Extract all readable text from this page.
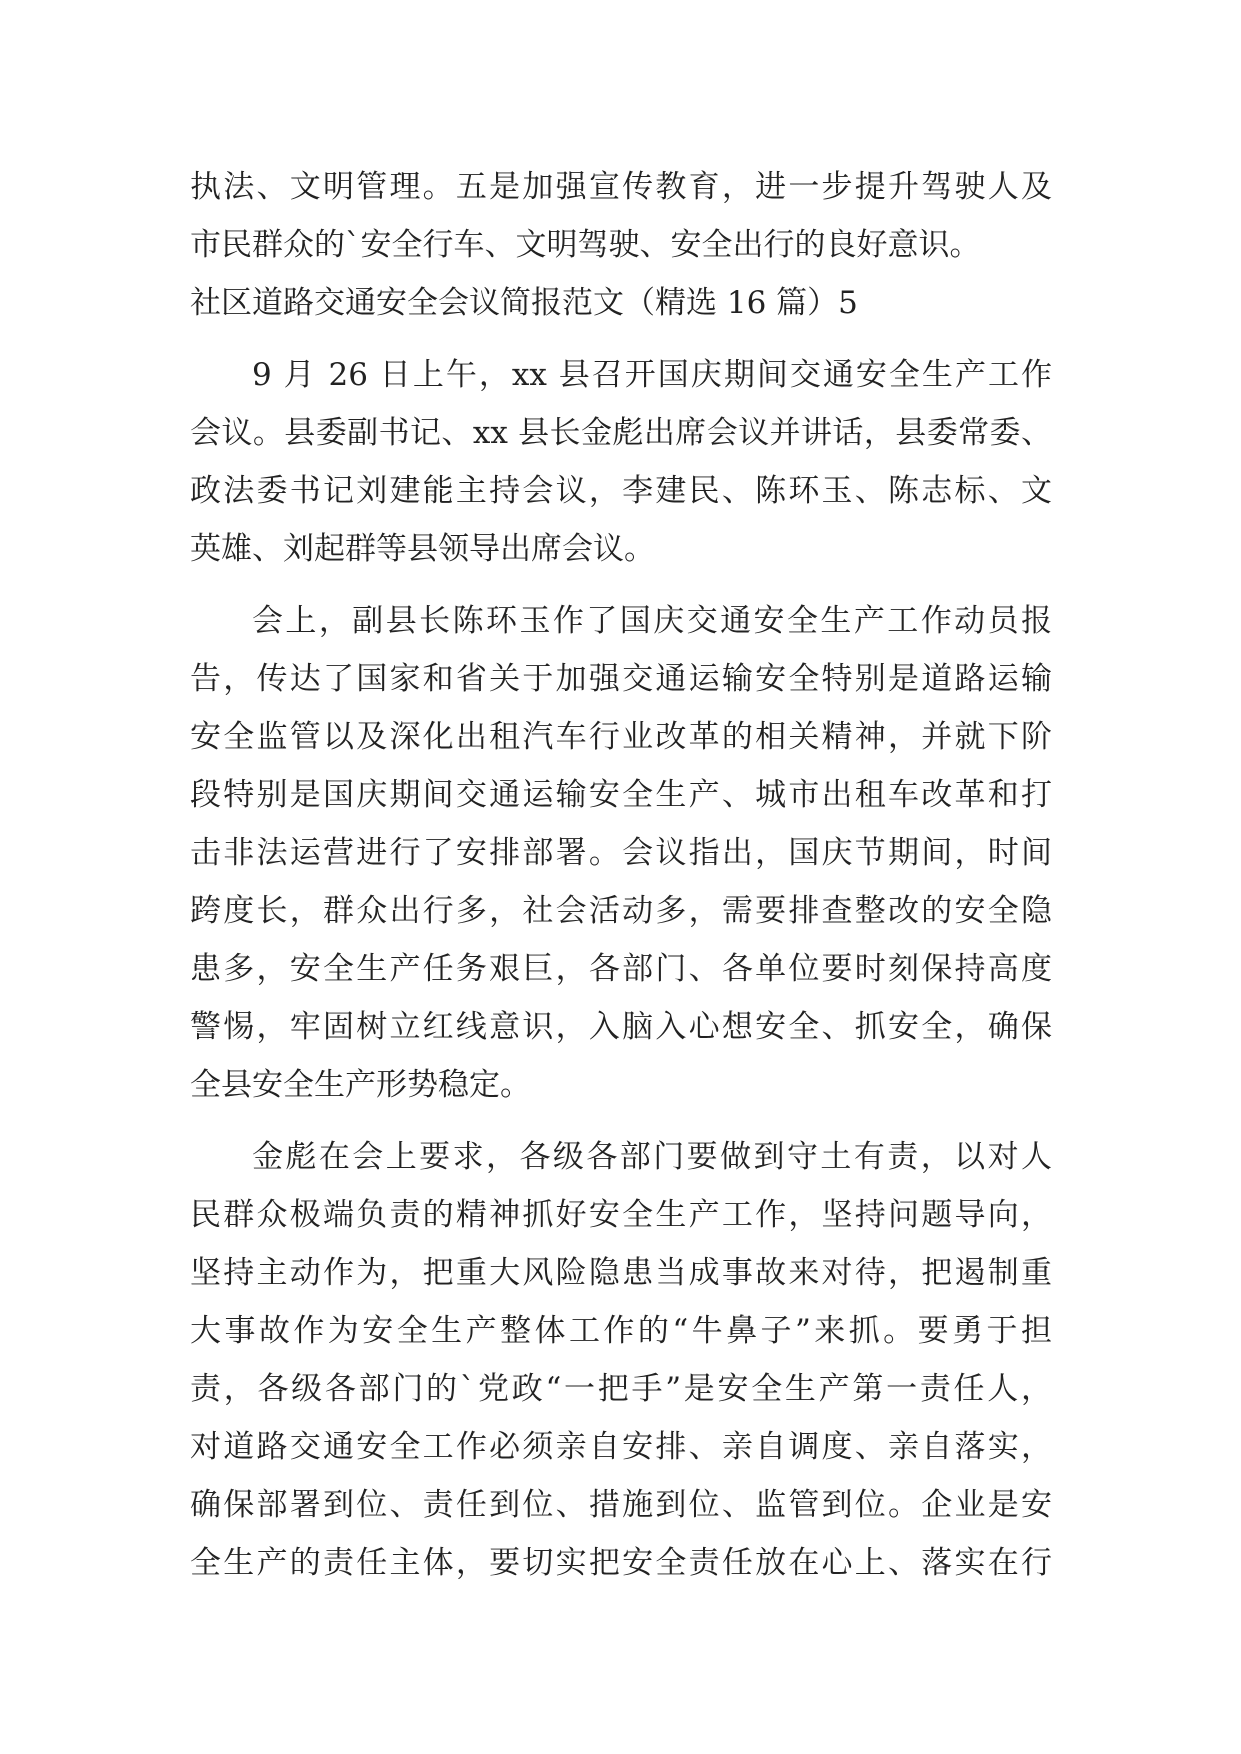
执法、文明管理。五是加强宣传教育，进一步提升驾驶人及
市民群众的`安全行车、文明驾驶、安全出行的良好意识。
社区道路交通安全会议简报范文（精选 16 篇）5
9 月 26 日上午，xx 县召开国庆期间交通安全生产工作
会议。县委副书记、xx 县长金彪出席会议并讲话，县委常委、
政法委书记刘建能主持会议，李建民、陈环玉、陈志标、文
英雄、刘起群等县领导出席会议。
会上，副县长陈环玉作了国庆交通安全生产工作动员报
告，传达了国家和省关于加强交通运输安全特别是道路运输
安全监管以及深化出租汽车行业改革的相关精神，并就下阶
段特别是国庆期间交通运输安全生产、城市出租车改革和打
击非法运营进行了安排部署。会议指出，国庆节期间，时间
跨度长，群众出行多，社会活动多，需要排查整改的安全隐
患多，安全生产任务艰巨，各部门、各单位要时刻保持高度
警惕，牢固树立红线意识，入脑入心想安全、抓安全，确保
全县安全生产形势稳定。
金彪在会上要求，各级各部门要做到守土有责，以对人
民群众极端负责的精神抓好安全生产工作，坚持问题导向，
坚持主动作为，把重大风险隐患当成事故来对待，把遏制重
大事故作为安全生产整体工作的“牛鼻子”来抓。要勇于担
责，各级各部门的`党政“一把手”是安全生产第一责任人，
对道路交通安全工作必须亲自安排、亲自调度、亲自落实，
确保部署到位、责任到位、措施到位、监管到位。企业是安
全生产的责任主体，要切实把安全责任放在心上、落实在行
